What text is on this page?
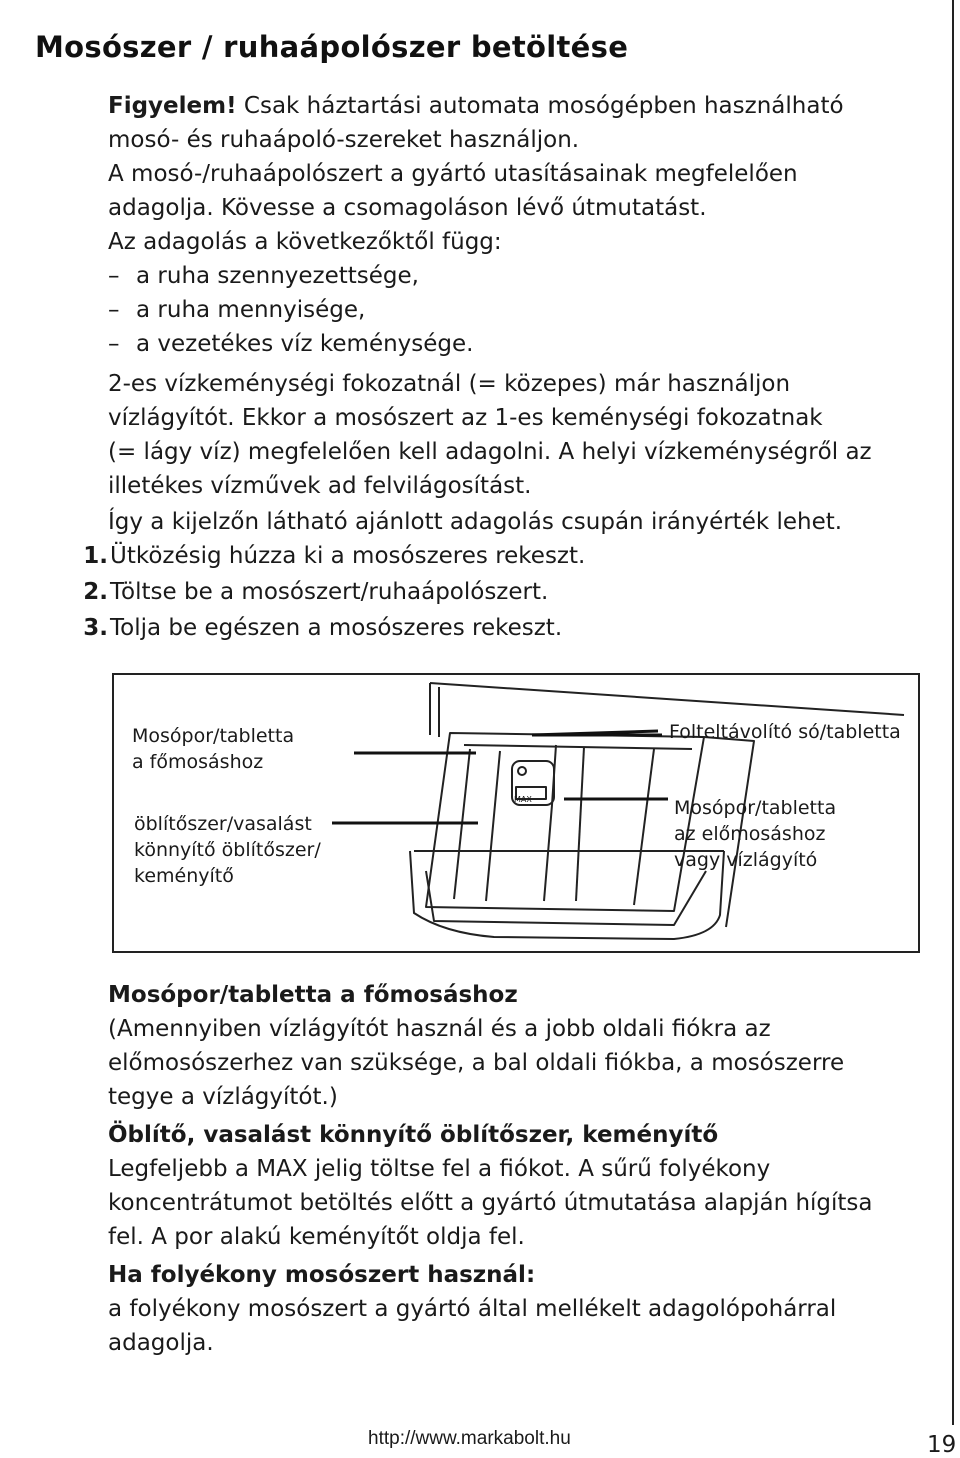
Mosószer / ruhaápolószer betöltése
Figyelem! Csak háztartási automata mosógépben használható
mosó- és ruhaápoló-szereket használjon.
A mosó-/ruhaápolószert a gyártó utasításainak megfelelően
adagolja. Kövesse a csomagoláson lévő útmutatást.
Az adagolás a következőktől függ:
– a ruha szennyezettsége,
– a ruha mennyisége,
– a vezetékes víz keménysége.
2-es vízkeménységi fokozatnál (= közepes) már használjon
vízlágyítót. Ekkor a mosószert az 1-es keménységi fokozatnak
(= lágy víz) megfelelően kell adagolni. A helyi vízkeménységről az
illetékes vízművek ad felvilágosítást.
Így a kijelzőn látható ajánlott adagolás csupán irányérték lehet.
1.Ütközésig húzza ki a mosószeres rekeszt.
2.Töltse be a mosószert/ruhaápolószert.
3.Tolja be egészen a mosószeres rekeszt.
MAX
Mosópor/tabletta
a főmosáshoz
öblítőszer/vasalást
könnyítő öblítőszer/
keményítő
Folteltávolító só/tabletta
Mosópor/tabletta
az előmosáshoz
vagy vízlágyító
Mosópor/tabletta a főmosáshoz
(Amennyiben vízlágyítót használ és a jobb oldali fiókra az
előmosószerhez van szüksége, a bal oldali fiókba, a mosószerre
tegye a vízlágyítót.)
Öblítő, vasalást könnyítő öblítőszer, keményítő
Legfeljebb a MAX jelig töltse fel a fiókot. A sűrű folyékony
koncentrátumot betöltés előtt a gyártó útmutatása alapján hígítsa
fel. A por alakú keményítőt oldja fel.
Ha folyékony mosószert használ:
a folyékony mosószert a gyártó által mellékelt adagolópohárral
adagolja.
http://www.markabolt.hu	19
